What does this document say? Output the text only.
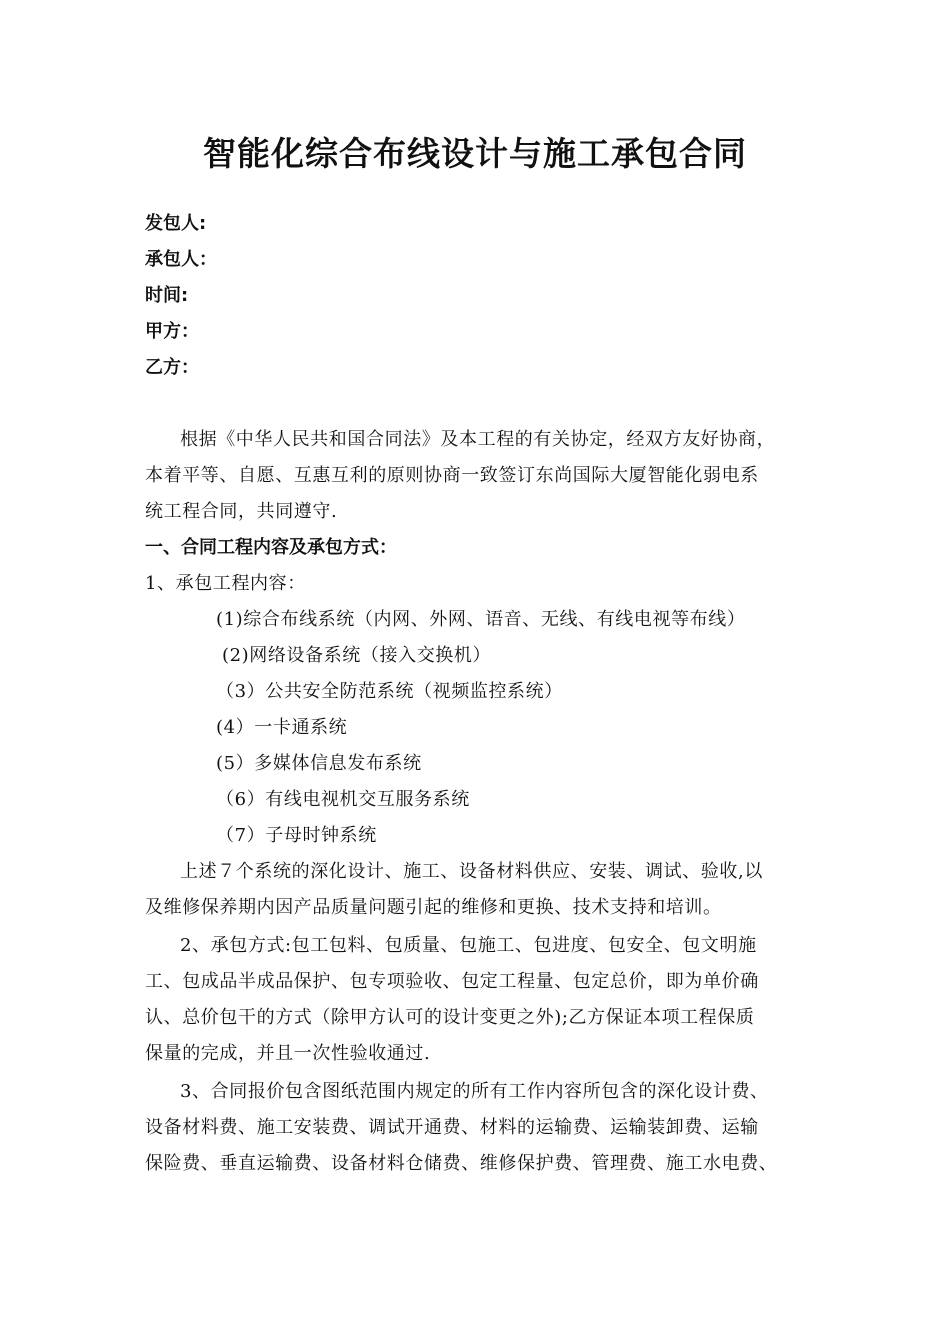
智能化综合布线设计与施工承包合同
发包人:
承包人：
时间:
甲方：
乙方：
根据《中华人民共和国合同法》及本工程的有关协定，经双方友好协商，
本着平等、自愿、互惠互利的原则协商一致签订东尚国际大厦智能化弱电系
统工程合同，共同遵守.
一、合同工程内容及承包方式：
1、承包工程内容：
(1)综合布线系统（内网、外网、语音、无线、有线电视等布线）
(2)网络设备系统（接入交换机）
（3）公共安全防范系统（视频监控系统）
(4）一卡通系统
(5）多媒体信息发布系统
（6）有线电视机交互服务系统
（7）子母时钟系统
上述７个系统的深化设计、施工、设备材料供应、安装、调试、验收,以
及维修保养期内因产品质量问题引起的维修和更换、技术支持和培训。
2、承包方式:包工包料、包质量、包施工、包进度、包安全、包文明施
工、包成品半成品保护、包专项验收、包定工程量、包定总价，即为单价确
认、总价包干的方式（除甲方认可的设计变更之外);乙方保证本项工程保质
保量的完成，并且一次性验收通过.
3、合同报价包含图纸范围内规定的所有工作内容所包含的深化设计费、
设备材料费、施工安装费、调试开通费、材料的运输费、运输装卸费、运输
保险费、垂直运输费、设备材料仓储费、维修保护费、管理费、施工水电费、
